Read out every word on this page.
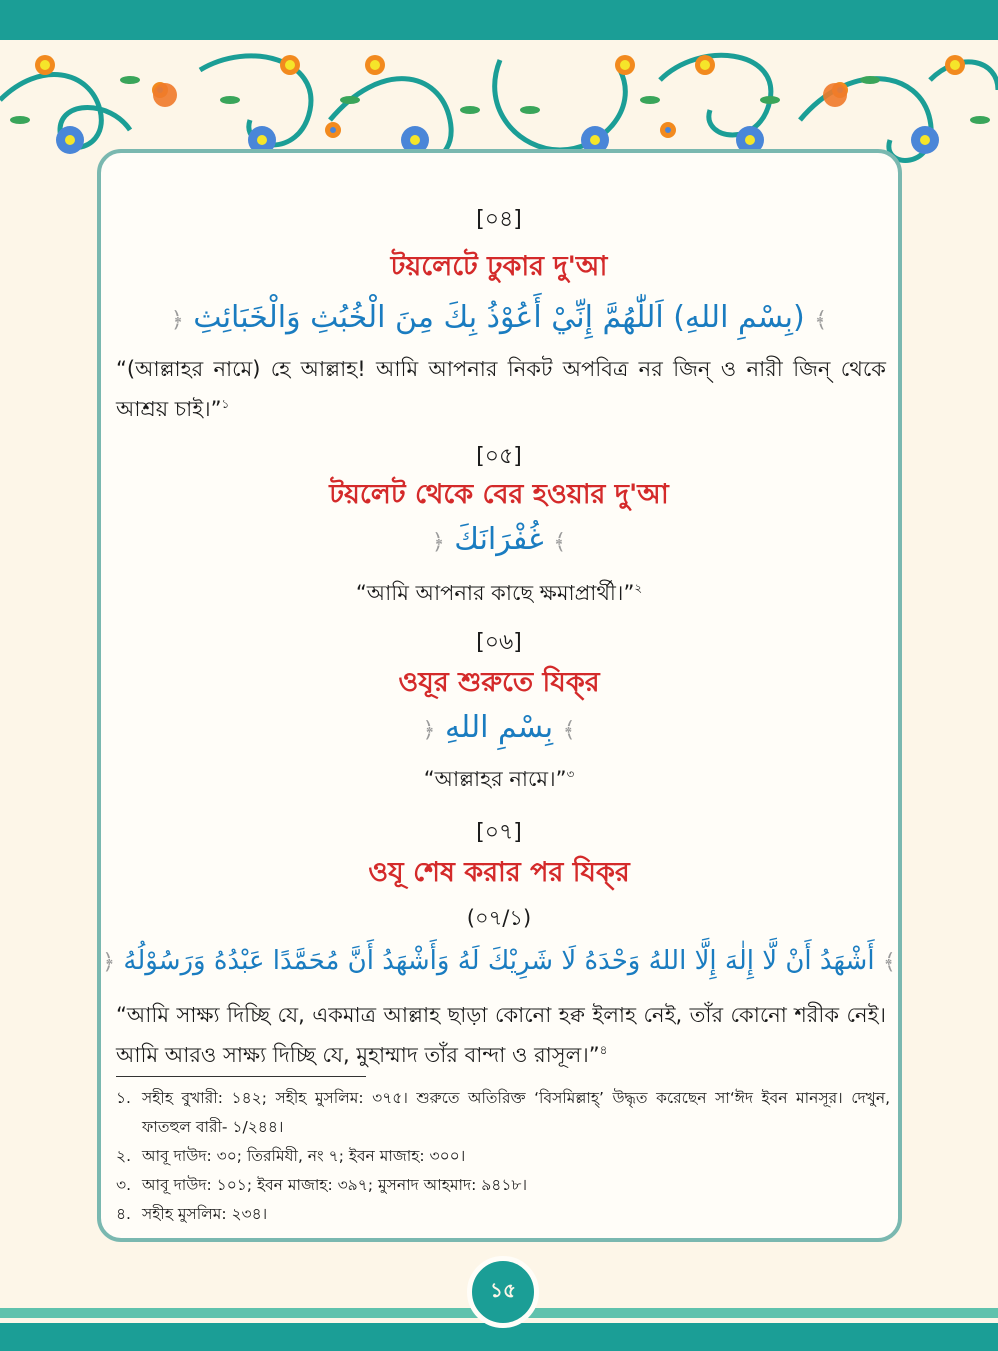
[০৪]
টয়লেটে ঢুকার দু'আ
﴾ (بِسْمِ اللهِ) اَللّٰهُمَّ إِنِّيْ أَعُوْذُ بِكَ مِنَ الْخُبُثِ وَالْخَبَائِثِ ﴿
“(আল্লাহর নামে) হে আল্লাহ! আমি আপনার নিকট অপবিত্র নর জিন্ ও নারী জিন্ থেকে আশ্রয় চাই।”$^১$
[০৫]
টয়লেট থেকে বের হওয়ার দু'আ
﴾ غُفْرَانَكَ ﴿
“আমি আপনার কাছে ক্ষমাপ্রার্থী।”$^২$
[০৬]
ওযূর শুরুতে যিক্‌র
﴾ بِسْمِ اللهِ ﴿
“আল্লাহর নামে।”$^৩$
[০৭]
ওযূ শেষ করার পর যিক্‌র
(০৭/১)
﴾ أَشْهَدُ أَنْ لَّا إِلٰهَ إِلَّا اللهُ وَحْدَهُ لَا شَرِيْكَ لَهُ وَأَشْهَدُ أَنَّ مُحَمَّدًا عَبْدُهُ وَرَسُوْلُهُ ﴿
“আমি সাক্ষ্য দিচ্ছি যে, একমাত্র আল্লাহ ছাড়া কোনো হক্ব ইলাহ নেই, তাঁর কোনো শরীক নেই। আমি আরও সাক্ষ্য দিচ্ছি যে, মুহাম্মাদ তাঁর বান্দা ও রাসূল।”$^৪$
১. সহীহ বুখারী: ১৪২; সহীহ মুসলিম: ৩৭৫। শুরুতে অতিরিক্ত ‘বিসমিল্লাহ্’ উদ্ধৃত করেছেন সা‘ঈদ ইবন মানসূর। দেখুন, ফাতহুল বারী- ১/২৪৪।
২. আবূ দাউদ: ৩০; তিরমিযী, নং ৭; ইবন মাজাহ: ৩০০।
৩. আবূ দাউদ: ১০১; ইবন মাজাহ: ৩৯৭; মুসনাদ আহমাদ: ৯৪১৮।
৪. সহীহ মুসলিম: ২৩৪।
১৫
